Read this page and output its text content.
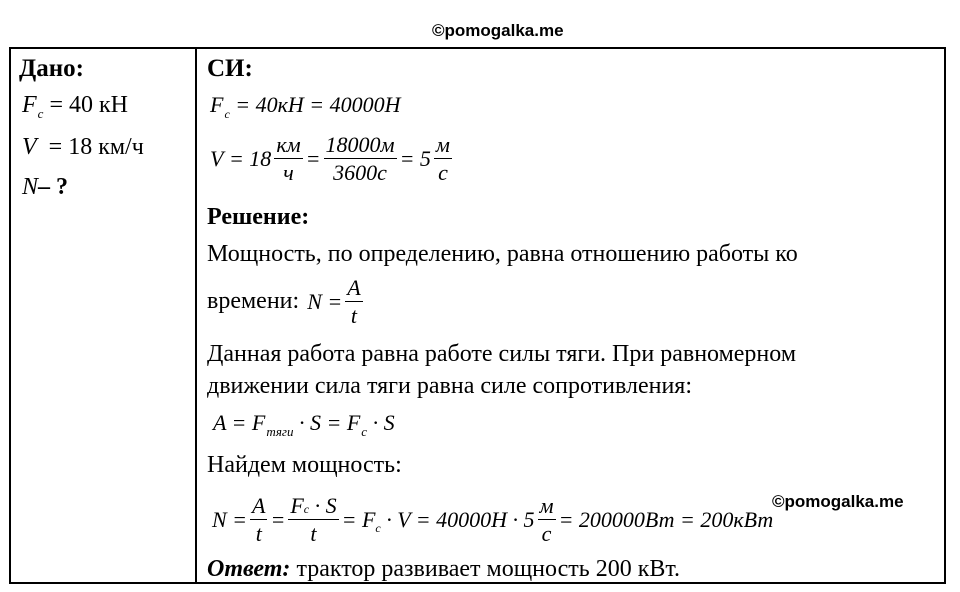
©pomogalka.me
Дано:
$F_c = 40$ кН
V = 18 км/ч
N– ?
СИ:
$F_c = 40кН = 40000Н$
$V = 18 \frac{км}{ч} = \frac{18000м}{3600с} = 5 \frac{м}{с}$
Решение:
Мощность, по определению, равна отношению работы ко
времени: $N = \frac{A}{t}$
Данная работа равна работе силы тяги. При равномерном
движении сила тяги равна силе сопротивления:
$A = F_{тяги} \cdot S = F_c \cdot S$
Найдем мощность:
$N = \frac{A}{t} = \frac{Fc \cdot S}{t} = F_c \cdot V = 40000Н \cdot 5 \frac{м}{с} = 200000Вт = 200кВт$
©pomogalka.me
Ответ: трактор развивает мощность 200 кВт.
